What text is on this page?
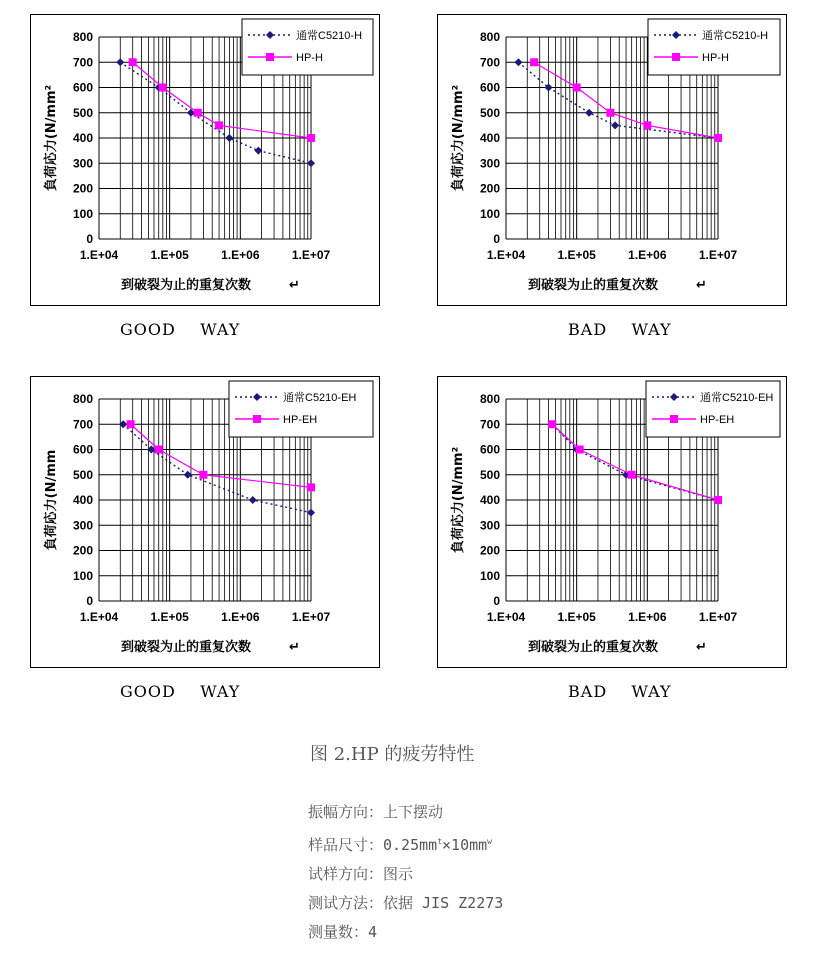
0
100
200
300
400
500
600
700
800
1.E+04	1.E+05	1.E+06	1.E+07
負荷応力(N/mm²
到破裂为止的重复次数	↵
通常C5210-H
HP-H
GOOD    WAY
0
100
200
300
400
500
600
700
800
1.E+04	1.E+05	1.E+06	1.E+07
負荷応力(N/mm²
到破裂为止的重复次数	↵
通常C5210-H
HP-H
BAD    WAY
0
100
200
300
400
500
600
700
800
1.E+04	1.E+05	1.E+06	1.E+07
負荷応力(N/mm
到破裂为止的重复次数	↵
通常C5210-EH
HP-EH
GOOD    WAY
0
100
200
300
400
500
600
700
800
1.E+04	1.E+05	1.E+06	1.E+07
負荷応力(N/mm²
到破裂为止的重复次数	↵
通常C5210-EH
HP-EH
BAD    WAY
图 2.HP 的疲劳特性
振幅方向：上下摆动
样品尺寸：$0.25mm^t\times 10mm^w$
试样方向：图示
测试方法：依据 JIS Z2273
测量数：4
